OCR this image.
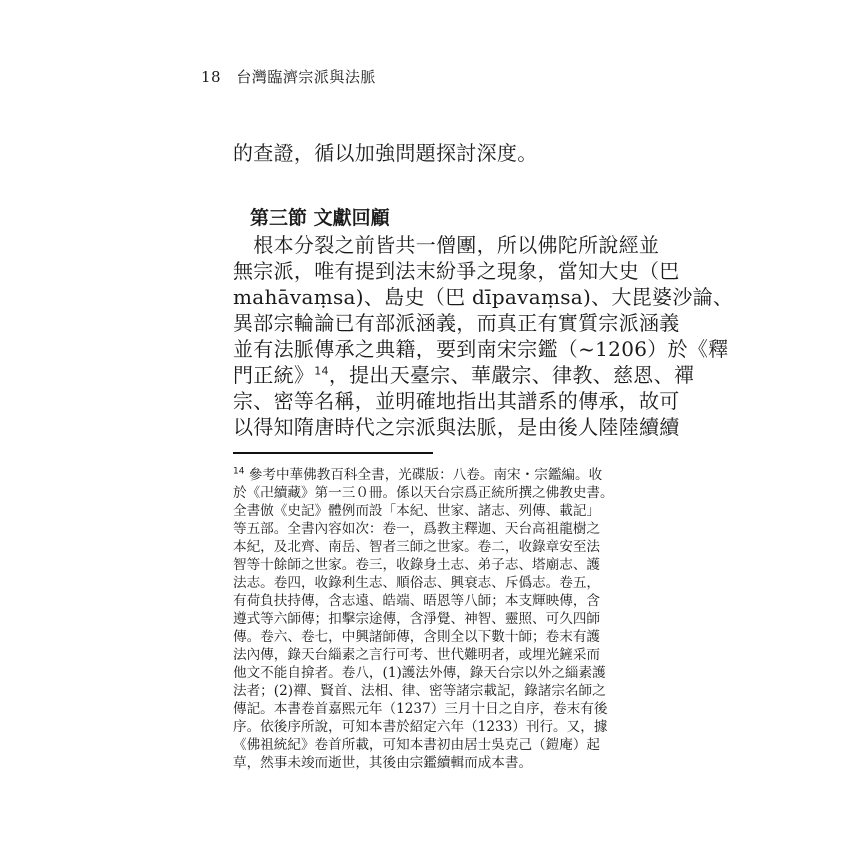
18 台灣臨濟宗派與法脈
的查證，循以加強問題探討深度。
第三節 文獻回顧
　根本分裂之前皆共一僧團，所以佛陀所說經並
無宗派，唯有提到法末紛爭之現象，當知大史（巴
mahāvaṃsa)、島史（巴 dīpavaṃsa)、大毘婆沙論、
異部宗輪論已有部派涵義，而真正有實質宗派涵義
並有法脈傳承之典籍，要到南宋宗鑑（~1206）於《釋
門正統》$^{14}$，提出天臺宗、華嚴宗、律教、慈恩、禪
宗、密等名稱，並明確地指出其譜系的傳承，故可
以得知隋唐時代之宗派與法脈，是由後人陸陸續續
$^{14}$ 參考中華佛教百科全書，光碟版：八卷。南宋・宗鑑編。收
於《卍續藏》第一三０冊。係以天台宗爲正統所撰之佛教史書。
全書倣《史記》體例而設「本紀、世家、諸志、列傳、載記」
等五部。全書內容如次：卷一，爲教主釋迦、天台高祖龍樹之
本紀，及北齊、南岳、智者三師之世家。卷二，收錄章安至法
智等十餘師之世家。卷三，收錄身土志、弟子志、塔廟志、護
法志。卷四，收錄利生志、順俗志、興衰志、斥僞志。卷五，
有荷負扶持傳，含志遠、皓端、晤恩等八師；本支輝映傳，含
遵式等六師傳；扣擊宗途傳，含淨覺、神智、靈照、可久四師
傳。卷六、卷七，中興諸師傳，含則全以下數十師；卷末有護
法內傳，錄天台緇素之言行可考、世代難明者，或埋光鏟采而
他文不能自揜者。卷八，(1)護法外傳，錄天台宗以外之緇素護
法者；(2)禪、賢首、法相、律、密等諸宗載記，錄諸宗名師之
傳記。本書卷首嘉熙元年（1237）三月十日之自序，卷末有後
序。依後序所說，可知本書於紹定六年（1233）刊行。又，據
《佛祖統紀》卷首所載，可知本書初由居士吳克己（鎧庵）起
草，然事未竣而逝世，其後由宗鑑續輯而成本書。
